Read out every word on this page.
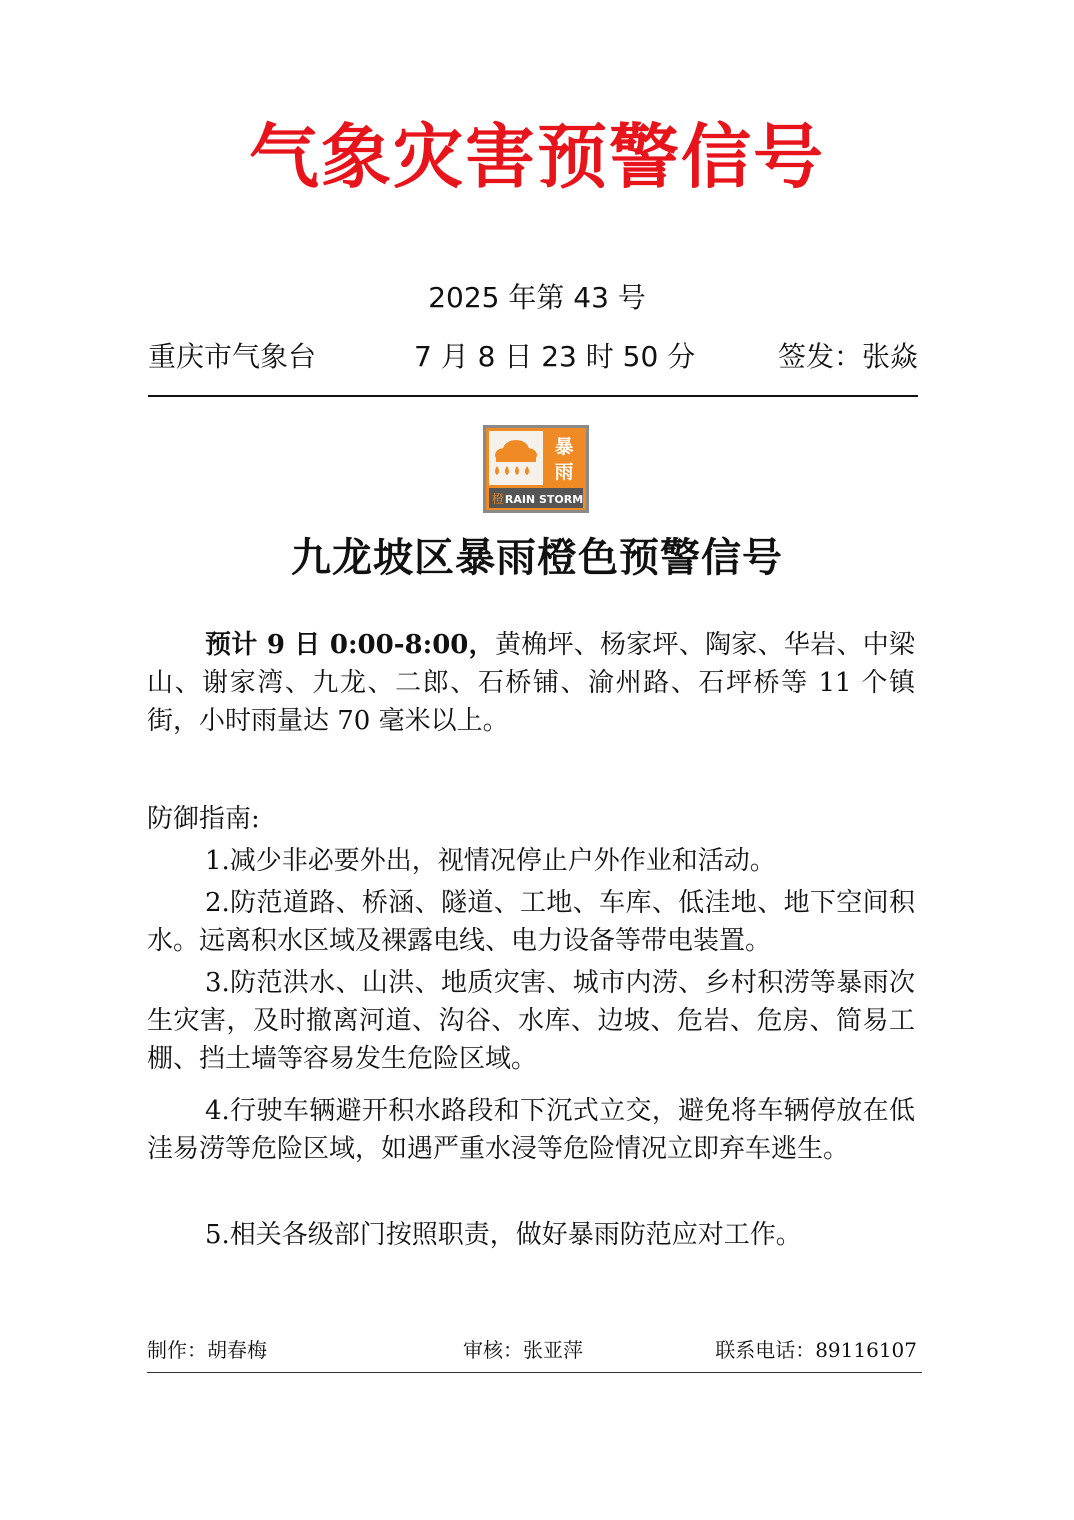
气象灾害预警信号
2025 年第 43 号
重庆市气象台	7 月 8 日 23 时 50 分	签发：张焱
暴
雨
橙 RAIN STORM
九龙坡区暴雨橙色预警信号

预计 9 日 0:00-8:00，黄桷坪、杨家坪、陶家、华岩、中梁山、谢家湾、九龙、二郎、石桥铺、渝州路、石坪桥等 11 个镇街，小时雨量达 70 毫米以上。

防御指南:

1.减少非必要外出，视情况停止户外作业和活动。

2.防范道路、桥涵、隧道、工地、车库、低洼地、地下空间积水。远离积水区域及裸露电线、电力设备等带电装置。

3.防范洪水、山洪、地质灾害、城市内涝、乡村积涝等暴雨次生灾害，及时撤离河道、沟谷、水库、边坡、危岩、危房、简易工棚、挡土墙等容易发生危险区域。

4.行驶车辆避开积水路段和下沉式立交，避免将车辆停放在低洼易涝等危险区域，如遇严重水浸等危险情况立即弃车逃生。

5.相关各级部门按照职责，做好暴雨防范应对工作。

制作：胡春梅	审核：张亚萍	联系电话：89116107
